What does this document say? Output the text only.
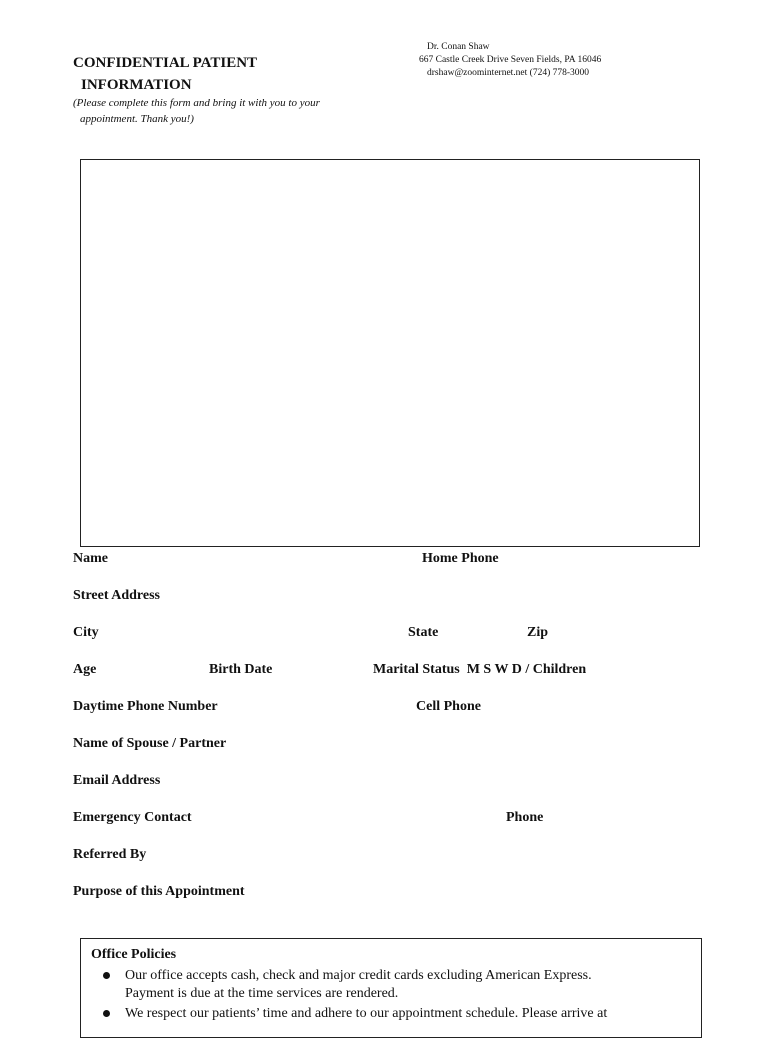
CONFIDENTIAL PATIENT
INFORMATION
(Please complete this form and bring it with you to your
appointment. Thank you!)
Dr. Conan Shaw
667 Castle Creek Drive Seven Fields, PA 16046
drshaw@zoominternet.net (724) 778-3000
Name	Home Phone
Street Address
City	State	Zip
Age	Birth Date	Marital Status  M S W D / Children
Daytime Phone Number	Cell Phone
Name of Spouse / Partner
Email Address
Emergency Contact	Phone
Referred By
Purpose of this Appointment
Office Policies
Our office accepts cash, check and major credit cards excluding American Express.
Payment is due at the time services are rendered.
We respect our patients’ time and adhere to our appointment schedule. Please arrive at
